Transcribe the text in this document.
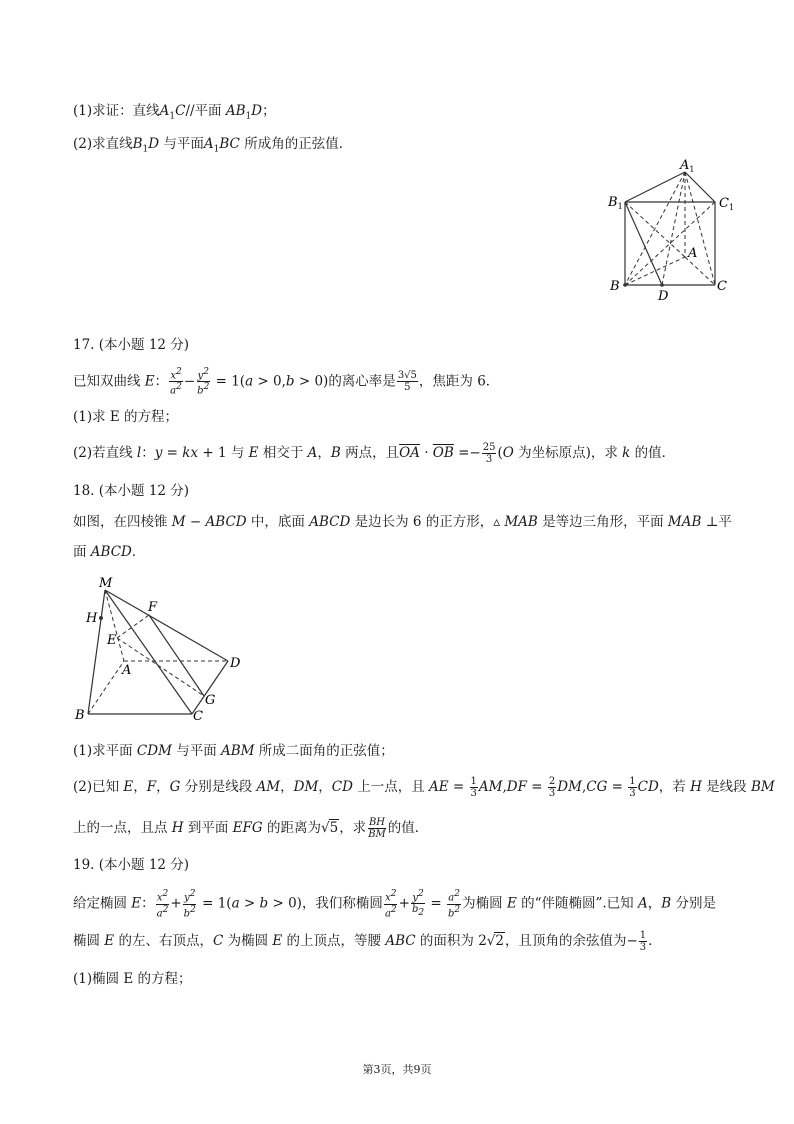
(1)求证：直线$A_1C//$平面 $AB_1D$；
(2)求直线$B_1D$ 与平面$A_1BC$ 所成角的正弦值．
$A_1$
$B_1$	$C_1$
A
B	C
D
17. (本小题 12 分)
已知双曲线 E： $\frac{x^2}{a^2} - \frac{y^2}{b^2} = 1(a > 0,b > 0)$的离心率是 $\frac{3√5}{5}$ ，焦距为 6．
(1)求 E 的方程；
(2)若直线 l：y = kx + 1 与 E 相交于 A，B 两点，且$\overline{OA} \cdot \overline{OB} =- \frac{25}{3} (O$ 为坐标原点)，求 k 的值．
18. (本小题 12 分)
如图，在四棱锥 M − ABCD 中，底面 ABCD 是边长为 6 的正方形，▵ MAB 是等边三角形，平面 MAB ⊥平
面 ABCD．
M
H
F
E
A	D
G
B	C
(1)求平面 CDM 与平面 ABM 所成二面角的正弦值；
(2)已知 E，F，G 分别是线段 AM，DM，CD 上一点，且 AE = $\frac{1}{3} AM,DF = \frac{2}{3} DM,CG = \frac{1}{3}$ CD，若 H 是线段 BM
上的一点，且点 H 到平面 EFG 的距离为√5，求 $\frac{BH}{BM}$ 的值．
19. (本小题 12 分)
给定椭圆 E： $\frac{x^2}{a^2} + \frac{y^2}{b^2} = 1(a > b > 0)$，我们称椭圆 $\frac{x^2}{a^2} + \frac{y^2}{b_2} = \frac{a^2}{b^2}$ 为椭圆 E 的“伴随椭圆”.已知 A，B 分别是
椭圆 E 的左、右顶点，C 为椭圆 E 的上顶点，等腰 ABC 的面积为 2√2，且顶角的余弦值为− $\frac{1}{3}$ ．
(1)椭圆 E 的方程；
第3页，共9页
